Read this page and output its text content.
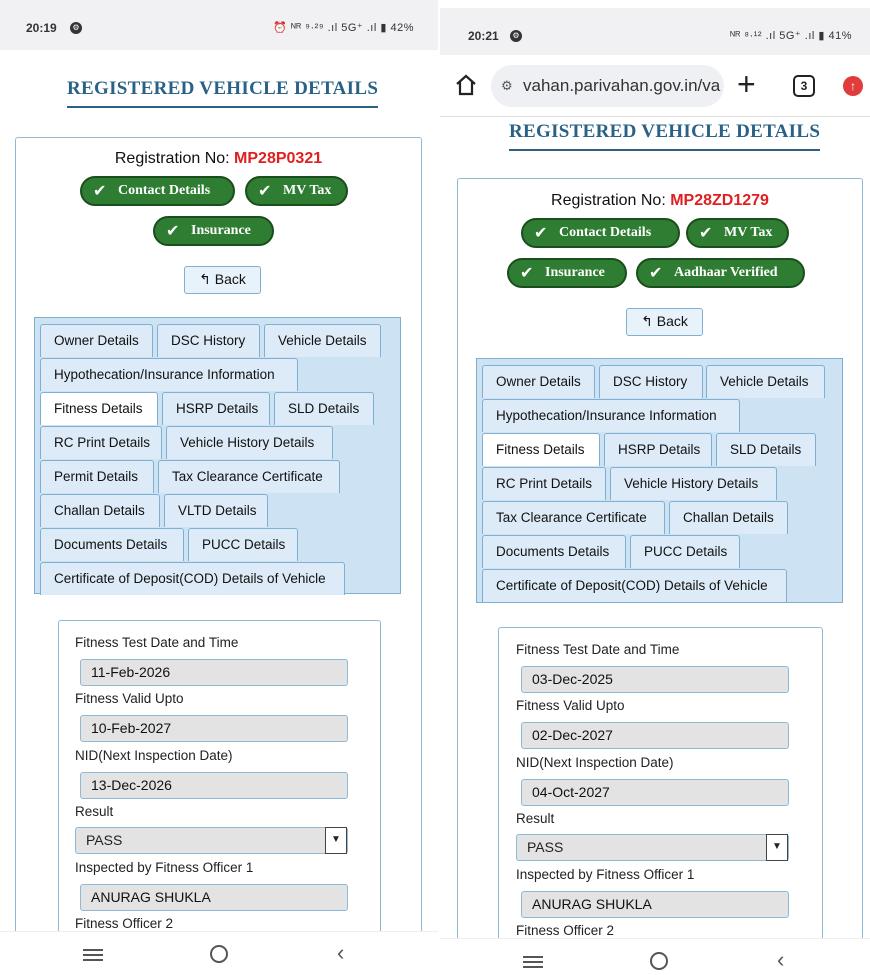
20:19	⚙	⏰ ᴺᴿ ⁹·²⁹ .ıl 5G⁺ .ıl ▮ 42%
REGISTERED VEHICLE DETAILS
Registration No: MP28P0321
✔ Contact Details	✔ MV Tax
✔ Insurance
↰ Back
Owner Details	DSC History	Vehicle Details
Hypothecation/Insurance Information
Fitness Details	HSRP Details	SLD Details
RC Print Details	Vehicle History Details
Permit Details	Tax Clearance Certificate
Challan Details	VLTD Details
Documents Details	PUCC Details
Certificate of Deposit(COD) Details of Vehicle
Fitness Test Date and Time
11-Feb-2026
Fitness Valid Upto
10-Feb-2027
NID(Next Inspection Date)
13-Dec-2026
Result
PASS	▼
Inspected by Fitness Officer 1
ANURAG SHUKLA
Fitness Officer 2
‹
20:21	⚙	ᴺᴿ ⁸·¹² .ıl 5G⁺ .ıl ▮ 41%
⚙ vahan.parivahan.gov.in/va +	3	↑
REGISTERED VEHICLE DETAILS
Registration No: MP28ZD1279
✔ Contact Details	✔ MV Tax
✔ Insurance	✔ Aadhaar Verified
↰ Back
Owner Details	DSC History	Vehicle Details
Hypothecation/Insurance Information
Fitness Details	HSRP Details	SLD Details
RC Print Details	Vehicle History Details
Tax Clearance Certificate	Challan Details
Documents Details	PUCC Details
Certificate of Deposit(COD) Details of Vehicle
Fitness Test Date and Time
03-Dec-2025
Fitness Valid Upto
02-Dec-2027
NID(Next Inspection Date)
04-Oct-2027
Result
PASS	▼
Inspected by Fitness Officer 1
ANURAG SHUKLA
Fitness Officer 2
‹
